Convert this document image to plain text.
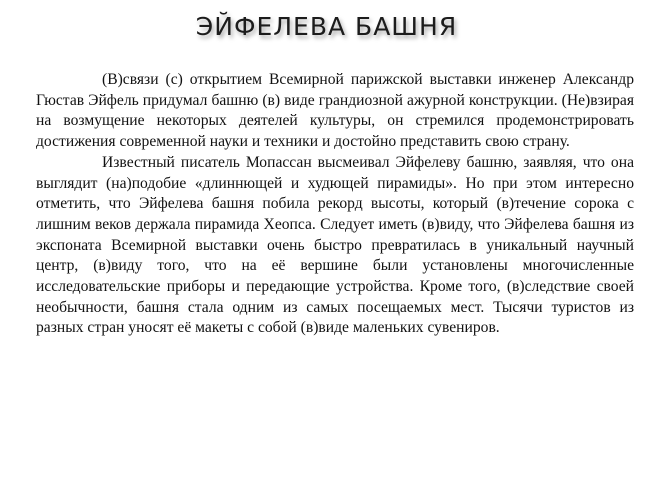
ЭЙФЕЛЕВА БАШНЯ

(В)связи (с) открытием Всемирной парижской выставки инженер Александр Гюстав Эйфель придумал башню (в) виде грандиозной ажурной конструкции. (Не)взирая на возмущение некоторых деятелей культуры, он стремился продемонстрировать достижения современной науки и техники и достойно представить свою страну.

Известный писатель Мопассан высмеивал Эйфелеву башню, заявляя, что она выглядит (на)подобие «длиннющей и худющей пирамиды». Но при этом интересно отметить, что Эйфелева башня побила рекорд высоты, который (в)течение сорока с лишним веков держала пирамида Хеопса. Следует иметь (в)виду, что Эйфелева башня из экспоната Всемирной выставки очень быстро превратилась в уникальный научный центр, (в)виду того, что на её вершине были установлены многочисленные исследовательские приборы и передающие устройства. Кроме того, (в)следствие своей необычности, башня стала одним из самых посещаемых мест. Тысячи туристов из разных стран уносят её макеты с собой (в)виде маленьких сувениров.
